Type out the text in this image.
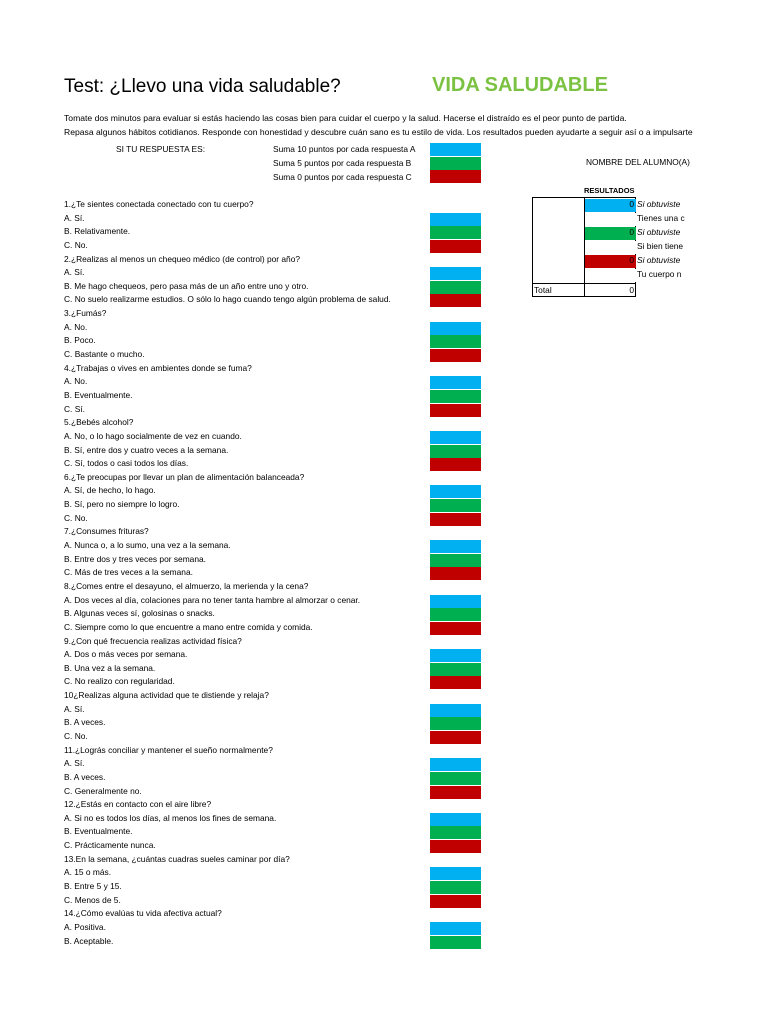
Test: ¿Llevo una vida saludable?	VIDA SALUDABLE
Tomate dos minutos para evaluar si estás haciendo las cosas bien para cuidar el cuerpo y la salud. Hacerse el distraído es el peor punto de partida.
Repasa algunos hábitos cotidianos. Responde con honestidad y descubre cuán sano es tu estilo de vida. Los resultados pueden ayudarte a seguir así o a impulsarte
SI TU RESPUESTA ES:	Suma 10 puntos por cada respuesta A
Suma 5 puntos por cada respuesta B
Suma 0 puntos por cada respuesta C
NOMBRE DEL ALUMNO(A)
RESULTADOS
0 Si obtuviste
Tienes una c
0 Si obtuviste
Si bien tiene
0 Si obtuviste
Tu cuerpo n
Total	0
1.¿Te sientes conectada conectado con tu cuerpo?
A. Sí.
B. Relativamente.
C. No.
2.¿Realizas al menos un chequeo médico (de control) por año?
A. Sí.
B. Me hago chequeos, pero pasa más de un año entre uno y otro.
C. No suelo realizarme estudios. O sólo lo hago cuando tengo algún problema de salud.
3.¿Fumás?
A. No.
B. Poco.
C. Bastante o mucho.
4.¿Trabajas o vives en ambientes donde se fuma?
A. No.
B. Eventualmente.
C. Sí.
5.¿Bebés alcohol?
A. No, o lo hago socialmente de vez en cuando.
B. Sí, entre dos y cuatro veces a la semana.
C. Sí, todos o casi todos los días.
6.¿Te preocupas por llevar un plan de alimentación balanceada?
A. Sí, de hecho, lo hago.
B. Sí, pero no siempre lo logro.
C. No.
7.¿Consumes frituras?
A. Nunca o, a lo sumo, una vez a la semana.
B. Entre dos y tres veces por semana.
C. Más de tres veces a la semana.
8.¿Comes entre el desayuno, el almuerzo, la merienda y la cena?
A. Dos veces al día, colaciones para no tener tanta hambre al almorzar o cenar.
B. Algunas veces sí, golosinas o snacks.
C. Siempre como lo que encuentre a mano entre comida y comida.
9.¿Con qué frecuencia realizas actividad física?
A. Dos o más veces por semana.
B. Una vez a la semana.
C. No realizo con regularidad.
10¿Realizas alguna actividad que te distiende y relaja?
A. Sí.
B. A veces.
C. No.
11.¿Lográs conciliar y mantener el sueño normalmente?
A. Sí.
B. A veces.
C. Generalmente no.
12.¿Estás en contacto con el aire libre?
A. Si no es todos los días, al menos los fines de semana.
B. Eventualmente.
C. Prácticamente nunca.
13.En la semana, ¿cuántas cuadras sueles caminar por día?
A. 15 o más.
B. Entre 5 y 15.
C. Menos de 5.
14.¿Cómo evalúas tu vida afectiva actual?
A. Positiva.
B. Aceptable.
